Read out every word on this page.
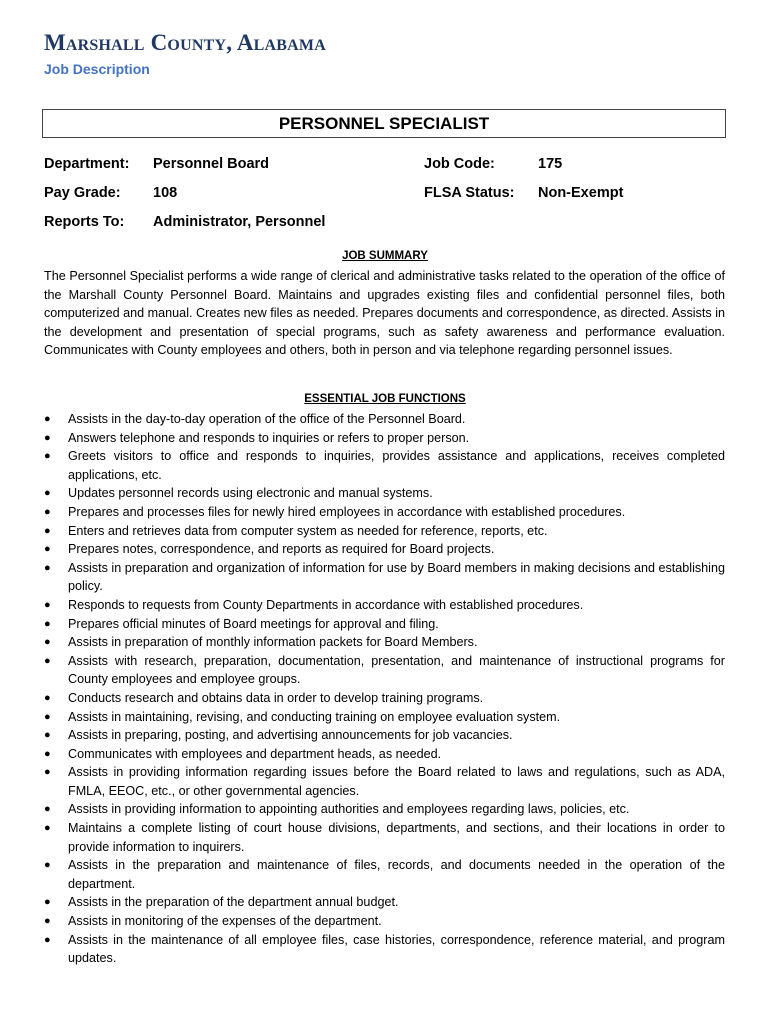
Marshall County, Alabama
Job Description
PERSONNEL SPECIALIST
Department: Personnel Board	Job Code:	175
Pay Grade: 108	FLSA Status: Non-Exempt
Reports To: Administrator, Personnel
JOB SUMMARY

The Personnel Specialist performs a wide range of clerical and administrative tasks related to the operation of the office of the Marshall County Personnel Board. Maintains and upgrades existing files and confidential personnel files, both computerized and manual. Creates new files as needed. Prepares documents and correspondence, as directed. Assists in the development and presentation of special programs, such as safety awareness and performance evaluation. Communicates with County employees and others, both in person and via telephone regarding personnel issues.

ESSENTIAL JOB FUNCTIONS
● Assists in the day-to-day operation of the office of the Personnel Board.
● Answers telephone and responds to inquiries or refers to proper person.
● Greets visitors to office and responds to inquiries, provides assistance and applications, receives completed applications, etc.
● Updates personnel records using electronic and manual systems.
● Prepares and processes files for newly hired employees in accordance with established procedures.
● Enters and retrieves data from computer system as needed for reference, reports, etc.
● Prepares notes, correspondence, and reports as required for Board projects.
● Assists in preparation and organization of information for use by Board members in making decisions and establishing policy.
● Responds to requests from County Departments in accordance with established procedures.
● Prepares official minutes of Board meetings for approval and filing.
● Assists in preparation of monthly information packets for Board Members.
● Assists with research, preparation, documentation, presentation, and maintenance of instructional programs for County employees and employee groups.
● Conducts research and obtains data in order to develop training programs.
● Assists in maintaining, revising, and conducting training on employee evaluation system.
● Assists in preparing, posting, and advertising announcements for job vacancies.
● Communicates with employees and department heads, as needed.
● Assists in providing information regarding issues before the Board related to laws and regulations, such as ADA, FMLA, EEOC, etc., or other governmental agencies.
● Assists in providing information to appointing authorities and employees regarding laws, policies, etc.
● Maintains a complete listing of court house divisions, departments, and sections, and their locations in order to provide information to inquirers.
● Assists in the preparation and maintenance of files, records, and documents needed in the operation of the department.
● Assists in the preparation of the department annual budget.
● Assists in monitoring of the expenses of the department.
● Assists in the maintenance of all employee files, case histories, correspondence, reference material, and program updates.
